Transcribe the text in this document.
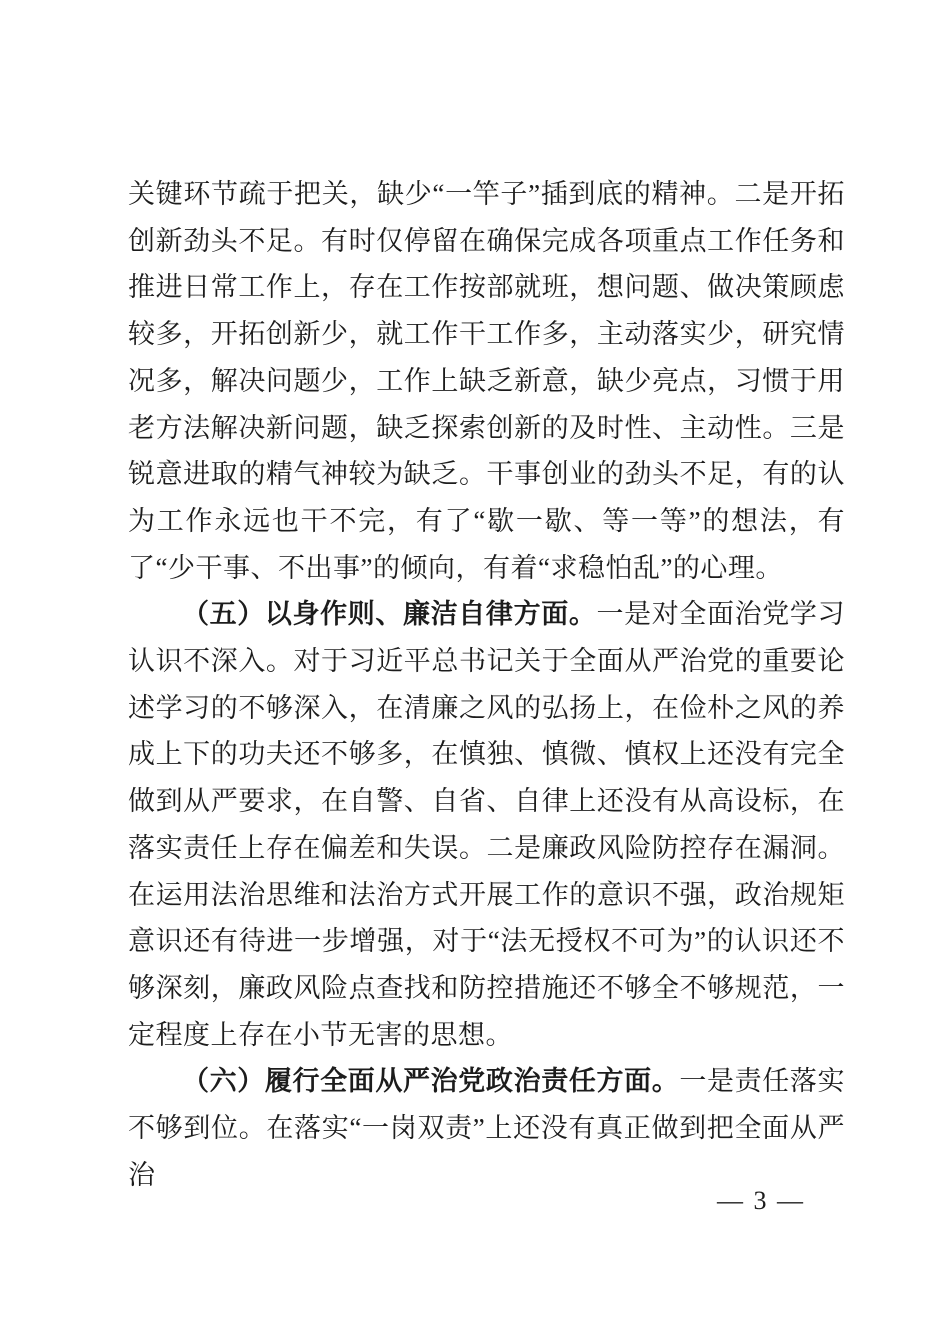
关键环节疏于把关，缺少“一竿子”插到底的精神。二是开拓创新劲头不足。有时仅停留在确保完成各项重点工作任务和推进日常工作上，存在工作按部就班，想问题、做决策顾虑较多，开拓创新少，就工作干工作多，主动落实少，研究情况多，解决问题少，工作上缺乏新意，缺少亮点，习惯于用老方法解决新问题，缺乏探索创新的及时性、主动性。三是锐意进取的精气神较为缺乏。干事创业的劲头不足，有的认为工作永远也干不完，有了“歇一歇、等一等”的想法，有了“少干事、不出事”的倾向，有着“求稳怕乱”的心理。

（五）以身作则、廉洁自律方面。一是对全面治党学习认识不深入。对于习近平总书记关于全面从严治党的重要论述学习的不够深入，在清廉之风的弘扬上，在俭朴之风的养成上下的功夫还不够多，在慎独、慎微、慎权上还没有完全做到从严要求，在自警、自省、自律上还没有从高设标，在落实责任上存在偏差和失误。二是廉政风险防控存在漏洞。在运用法治思维和法治方式开展工作的意识不强，政治规矩意识还有待进一步增强，对于“法无授权不可为”的认识还不够深刻，廉政风险点查找和防控措施还不够全不够规范，一定程度上存在小节无害的思想。

（六）履行全面从严治党政治责任方面。一是责任落实不够到位。在落实“一岗双责”上还没有真正做到把全面从严治

— 3 —
